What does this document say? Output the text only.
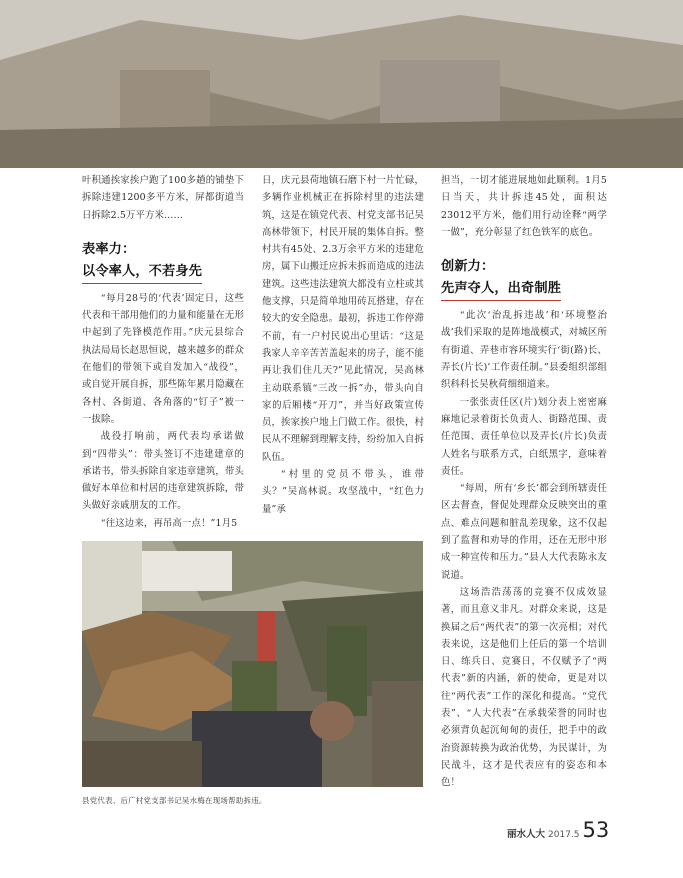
叶积通挨家挨户跑了100多趟的铺垫下拆除违建1200多平方米，屏都街道当日拆除2.5万平方米……

表率力：
以令率人，不若身先

“每月28号的‘代表’固定日，这些代表和干部用他们的力量和能量在无形中起到了先锋模范作用。”庆元县综合执法局局长赵思恒说，越来越多的群众在他们的带领下或自发加入“战役”，或自觉开展自拆，那些陈年累月隐藏在各村、各街道、各角落的“钉子”被一一拔除。

战役打响前，两代表均承诺做到“四带头”：带头签订不违建建章的承诺书，带头拆除自家违章建筑，带头做好本单位和村居的违章建筑拆除，带头做好亲戚朋友的工作。

“往这边来，再吊高一点！”1月5

日，庆元县荷地镇石磨下村一片忙碌，多辆作业机械正在拆除村里的违法建筑，这是在镇党代表、村党支部书记吴高林带领下，村民开展的集体自拆。整村共有45处、2.3万余平方米的违建危房，属下山搬迁应拆未拆而造成的违法建筑。这些违法建筑大都没有立柱或其他支撑，只是简单地用砖瓦搭建，存在较大的安全隐患。最初，拆违工作停滞不前，有一户村民说出心里话：“这是我家人辛辛苦苦盖起来的房子，能不能再让我们住几天?”见此情况，吴高林主动联系镇“三改一拆”办，带头向自家的后厢楼“开刀”，并当好政策宣传员，挨家挨户地上门做工作。很快，村民从不理解到理解支持，纷纷加入自拆队伍。

“村里的党员不带头，谁带头？”吴高林说。攻坚战中，“红色力量”承

担当，一切才能进展地如此顺利。1月5日当天，共计拆违45处，面积达23012平方米，他们用行动诠释“两学一做”，充分彰显了红色铁军的底色。

创新力：
先声夺人，出奇制胜

“此次‘治乱拆违战’和‘环境整治战’我们采取的是阵地战模式，对城区所有街道、弄巷市容环境实行‘街(路)长、弄长(片长)’工作责任制。”县委组织部组织科科长吴秋荷细细道来。

一张张责任区(片)划分表上密密麻麻地记录着街长负责人、街路范围、责任范围、责任单位以及弄长(片长)负责人姓名与联系方式，白纸黑字，意味着责任。

“每周，所有‘乡长’都会到所辖责任区去督查，督促处理群众反映突出的重点、难点问题和脏乱差现象，这不仅起到了监督和劝导的作用，还在无形中形成一种宣传和压力。”县人大代表陈永友说道。

这场浩浩荡荡的竞赛不仅成效显著，而且意义非凡。对群众来说，这是换届之后“两代表”的第一次亮相；对代表来说，这是他们上任后的第一个培训日、练兵日、竞赛日，不仅赋予了“两代表”新的内涵，新的使命，更是对以往“两代表”工作的深化和提高。“党代表”、“人大代表”在承载荣誉的同时也必须背负起沉甸甸的责任，把手中的政治资源转换为政治优势，为民谋计，为民战斗，这才是代表应有的姿态和本色！

县党代表、后广村党支部书记吴水梅在现场帮助拆违。
丽水人大 2017.5 53
